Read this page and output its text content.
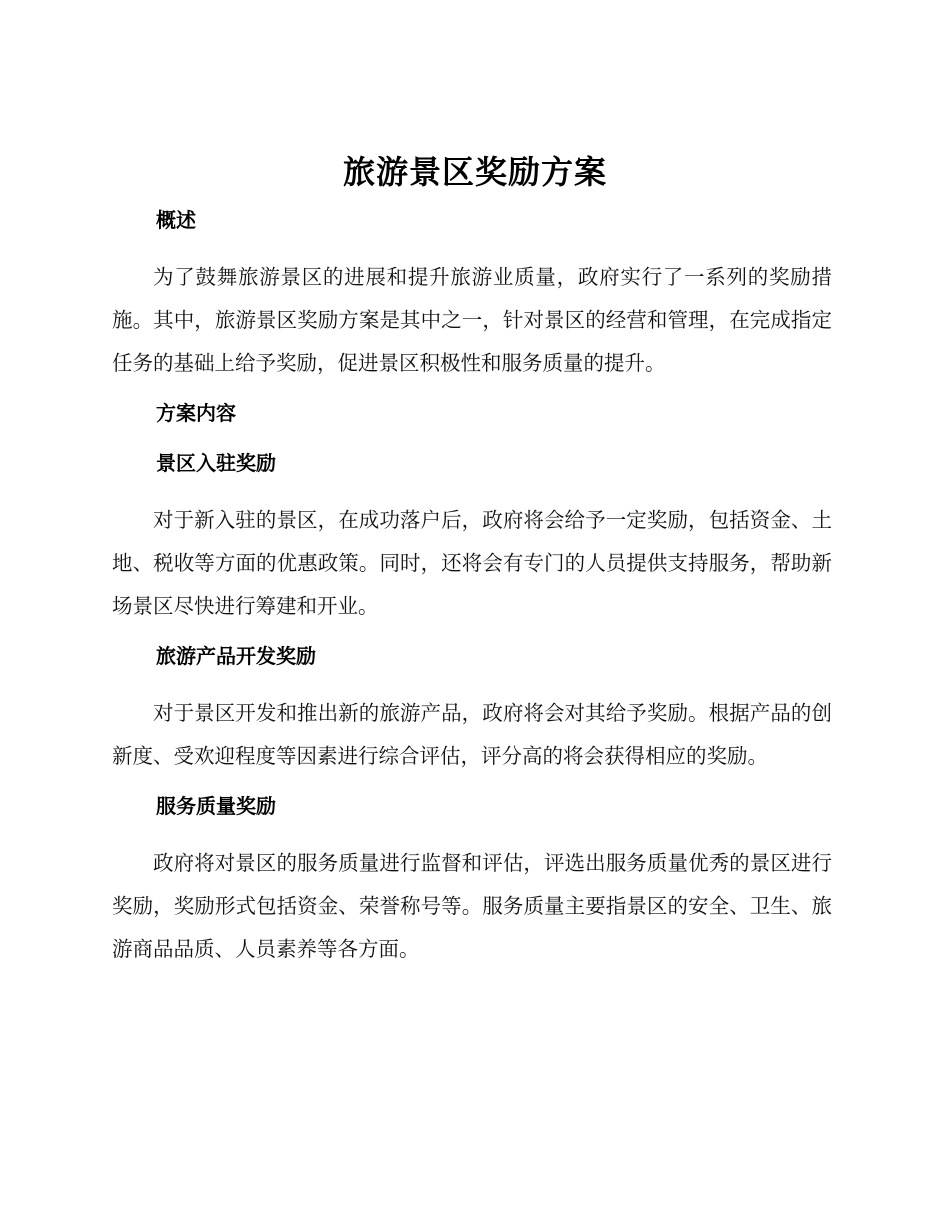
旅游景区奖励方案
概述

为了鼓舞旅游景区的进展和提升旅游业质量，政府实行了一系列的奖励措施。其中，旅游景区奖励方案是其中之一，针对景区的经营和管理，在完成指定任务的基础上给予奖励，促进景区积极性和服务质量的提升。

方案内容
景区入驻奖励

对于新入驻的景区，在成功落户后，政府将会给予一定奖励，包括资金、土地、税收等方面的优惠政策。同时，还将会有专门的人员提供支持服务，帮助新场景区尽快进行筹建和开业。

旅游产品开发奖励

对于景区开发和推出新的旅游产品，政府将会对其给予奖励。根据产品的创新度、受欢迎程度等因素进行综合评估，评分高的将会获得相应的奖励。

服务质量奖励

政府将对景区的服务质量进行监督和评估，评选出服务质量优秀的景区进行奖励，奖励形式包括资金、荣誉称号等。服务质量主要指景区的安全、卫生、旅游商品品质、人员素养等各方面。
